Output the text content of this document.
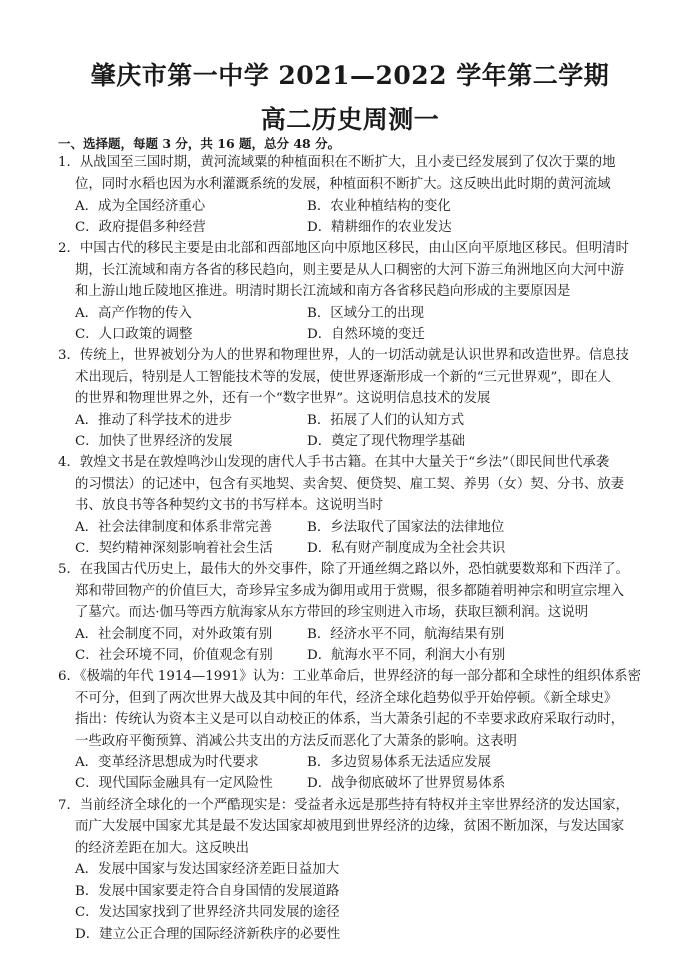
肇庆市第一中学 2021—2022 学年第二学期
高二历史周测一
一、选择题，每题 3 分，共 16 题，总分 48 分。
1．从战国至三国时期，黄河流域粟的种植面积在不断扩大，且小麦已经发展到了仅次于粟的地
位，同时水稻也因为水利灌溉系统的发展，种植面积不断扩大。这反映出此时期的黄河流域
A．成为全国经济重心	B．农业种植结构的变化
C．政府提倡多种经营	D．精耕细作的农业发达
2．中国古代的移民主要是由北部和西部地区向中原地区移民，由山区向平原地区移民。但明清时
期，长江流域和南方各省的移民趋向，则主要是从人口稠密的大河下游三角洲地区向大河中游
和上游山地丘陵地区推进。明清时期长江流域和南方各省移民趋向形成的主要原因是
A．高产作物的传入	B．区域分工的出现
C．人口政策的调整	D．自然环境的变迁
3．传统上，世界被划分为人的世界和物理世界，人的一切活动就是认识世界和改造世界。信息技
术出现后，特别是人工智能技术等的发展，使世界逐渐形成一个新的“三元世界观”，即在人
的世界和物理世界之外，还有一个“数字世界”。这说明信息技术的发展
A．推动了科学技术的进步	B．拓展了人们的认知方式
C．加快了世界经济的发展	D．奠定了现代物理学基础
4．敦煌文书是在敦煌鸣沙山发现的唐代人手书古籍。在其中大量关于“乡法”（即民间世代承袭
的习惯法）的记述中，包含有买地契、卖舍契、便贷契、雇工契、养男（女）契、分书、放妻
书、放良书等各种契约文书的书写样本。这说明当时
A．社会法律制度和体系非常完善	B．乡法取代了国家法的法律地位
C．契约精神深刻影响着社会生活	D．私有财产制度成为全社会共识
5．在我国古代历史上，最伟大的外交事件，除了开通丝绸之路以外，恐怕就要数郑和下西洋了。
郑和带回物产的价值巨大，奇珍异宝多成为御用或用于赏赐，很多都随着明神宗和明宣宗埋入
了墓穴。而达·伽马等西方航海家从东方带回的珍宝则进入市场，获取巨额利润。这说明
A．社会制度不同，对外政策有别	B．经济水平不同，航海结果有别
C．社会环境不同，价值观念有别	D．航海水平不同，利润大小有别
6．《极端的年代 1914—1991》认为：工业革命后，世界经济的每一部分都和全球性的组织体系密
不可分，但到了两次世界大战及其中间的年代，经济全球化趋势似乎开始停顿。《新全球史》
指出：传统认为资本主义是可以自动校正的体系，当大萧条引起的不幸要求政府采取行动时，
一些政府平衡预算、消减公共支出的方法反而恶化了大萧条的影响。这表明
A．变革经济思想成为时代要求	B．多边贸易体系无法适应发展
C．现代国际金融具有一定风险性	D．战争彻底破坏了世界贸易体系
7．当前经济全球化的一个严酷现实是：受益者永远是那些持有特权并主宰世界经济的发达国家，
而广大发展中国家尤其是最不发达国家却被甩到世界经济的边缘，贫困不断加深，与发达国家
的经济差距在加大。这反映出
A．发展中国家与发达国家经济差距日益加大
B．发展中国家要走符合自身国情的发展道路
C．发达国家找到了世界经济共同发展的途径
D．建立公正合理的国际经济新秩序的必要性
